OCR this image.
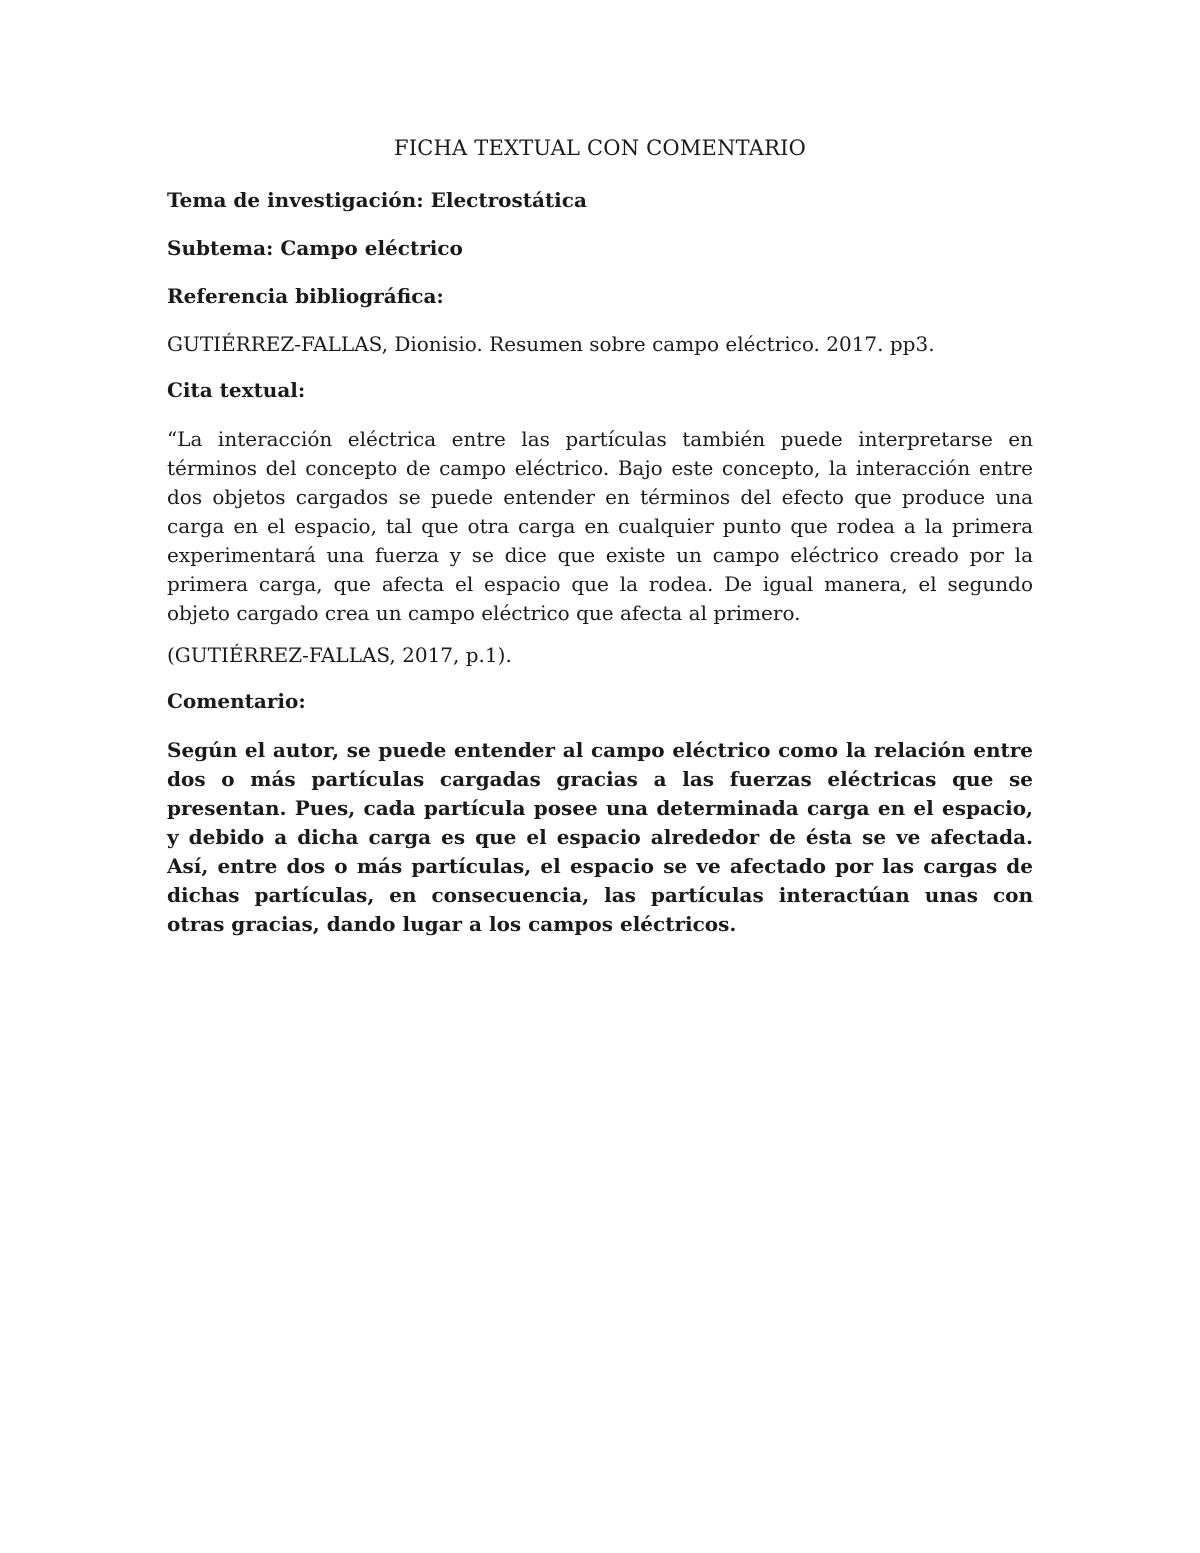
FICHA TEXTUAL CON COMENTARIO

Tema de investigación: Electrostática

Subtema: Campo eléctrico

Referencia bibliográfica:

GUTIÉRREZ-FALLAS, Dionisio. Resumen sobre campo eléctrico. 2017. pp3.

Cita textual:

“La interacción eléctrica entre las partículas también puede interpretarse en términos del concepto de campo eléctrico. Bajo este concepto, la interacción entre dos objetos cargados se puede entender en términos del efecto que produce una carga en el espacio, tal que otra carga en cualquier punto que rodea a la primera experimentará una fuerza y se dice que existe un campo eléctrico creado por la primera carga, que afecta el espacio que la rodea. De igual manera, el segundo objeto cargado crea un campo eléctrico que afecta al primero.

(GUTIÉRREZ-FALLAS, 2017, p.1).

Comentario:

Según el autor, se puede entender al campo eléctrico como la relación entre dos o más partículas cargadas gracias a las fuerzas eléctricas que se presentan. Pues, cada partícula posee una determinada carga en el espacio, y debido a dicha carga es que el espacio alrededor de ésta se ve afectada. Así, entre dos o más partículas, el espacio se ve afectado por las cargas de dichas partículas, en consecuencia, las partículas interactúan unas con otras gracias, dando lugar a los campos eléctricos.
